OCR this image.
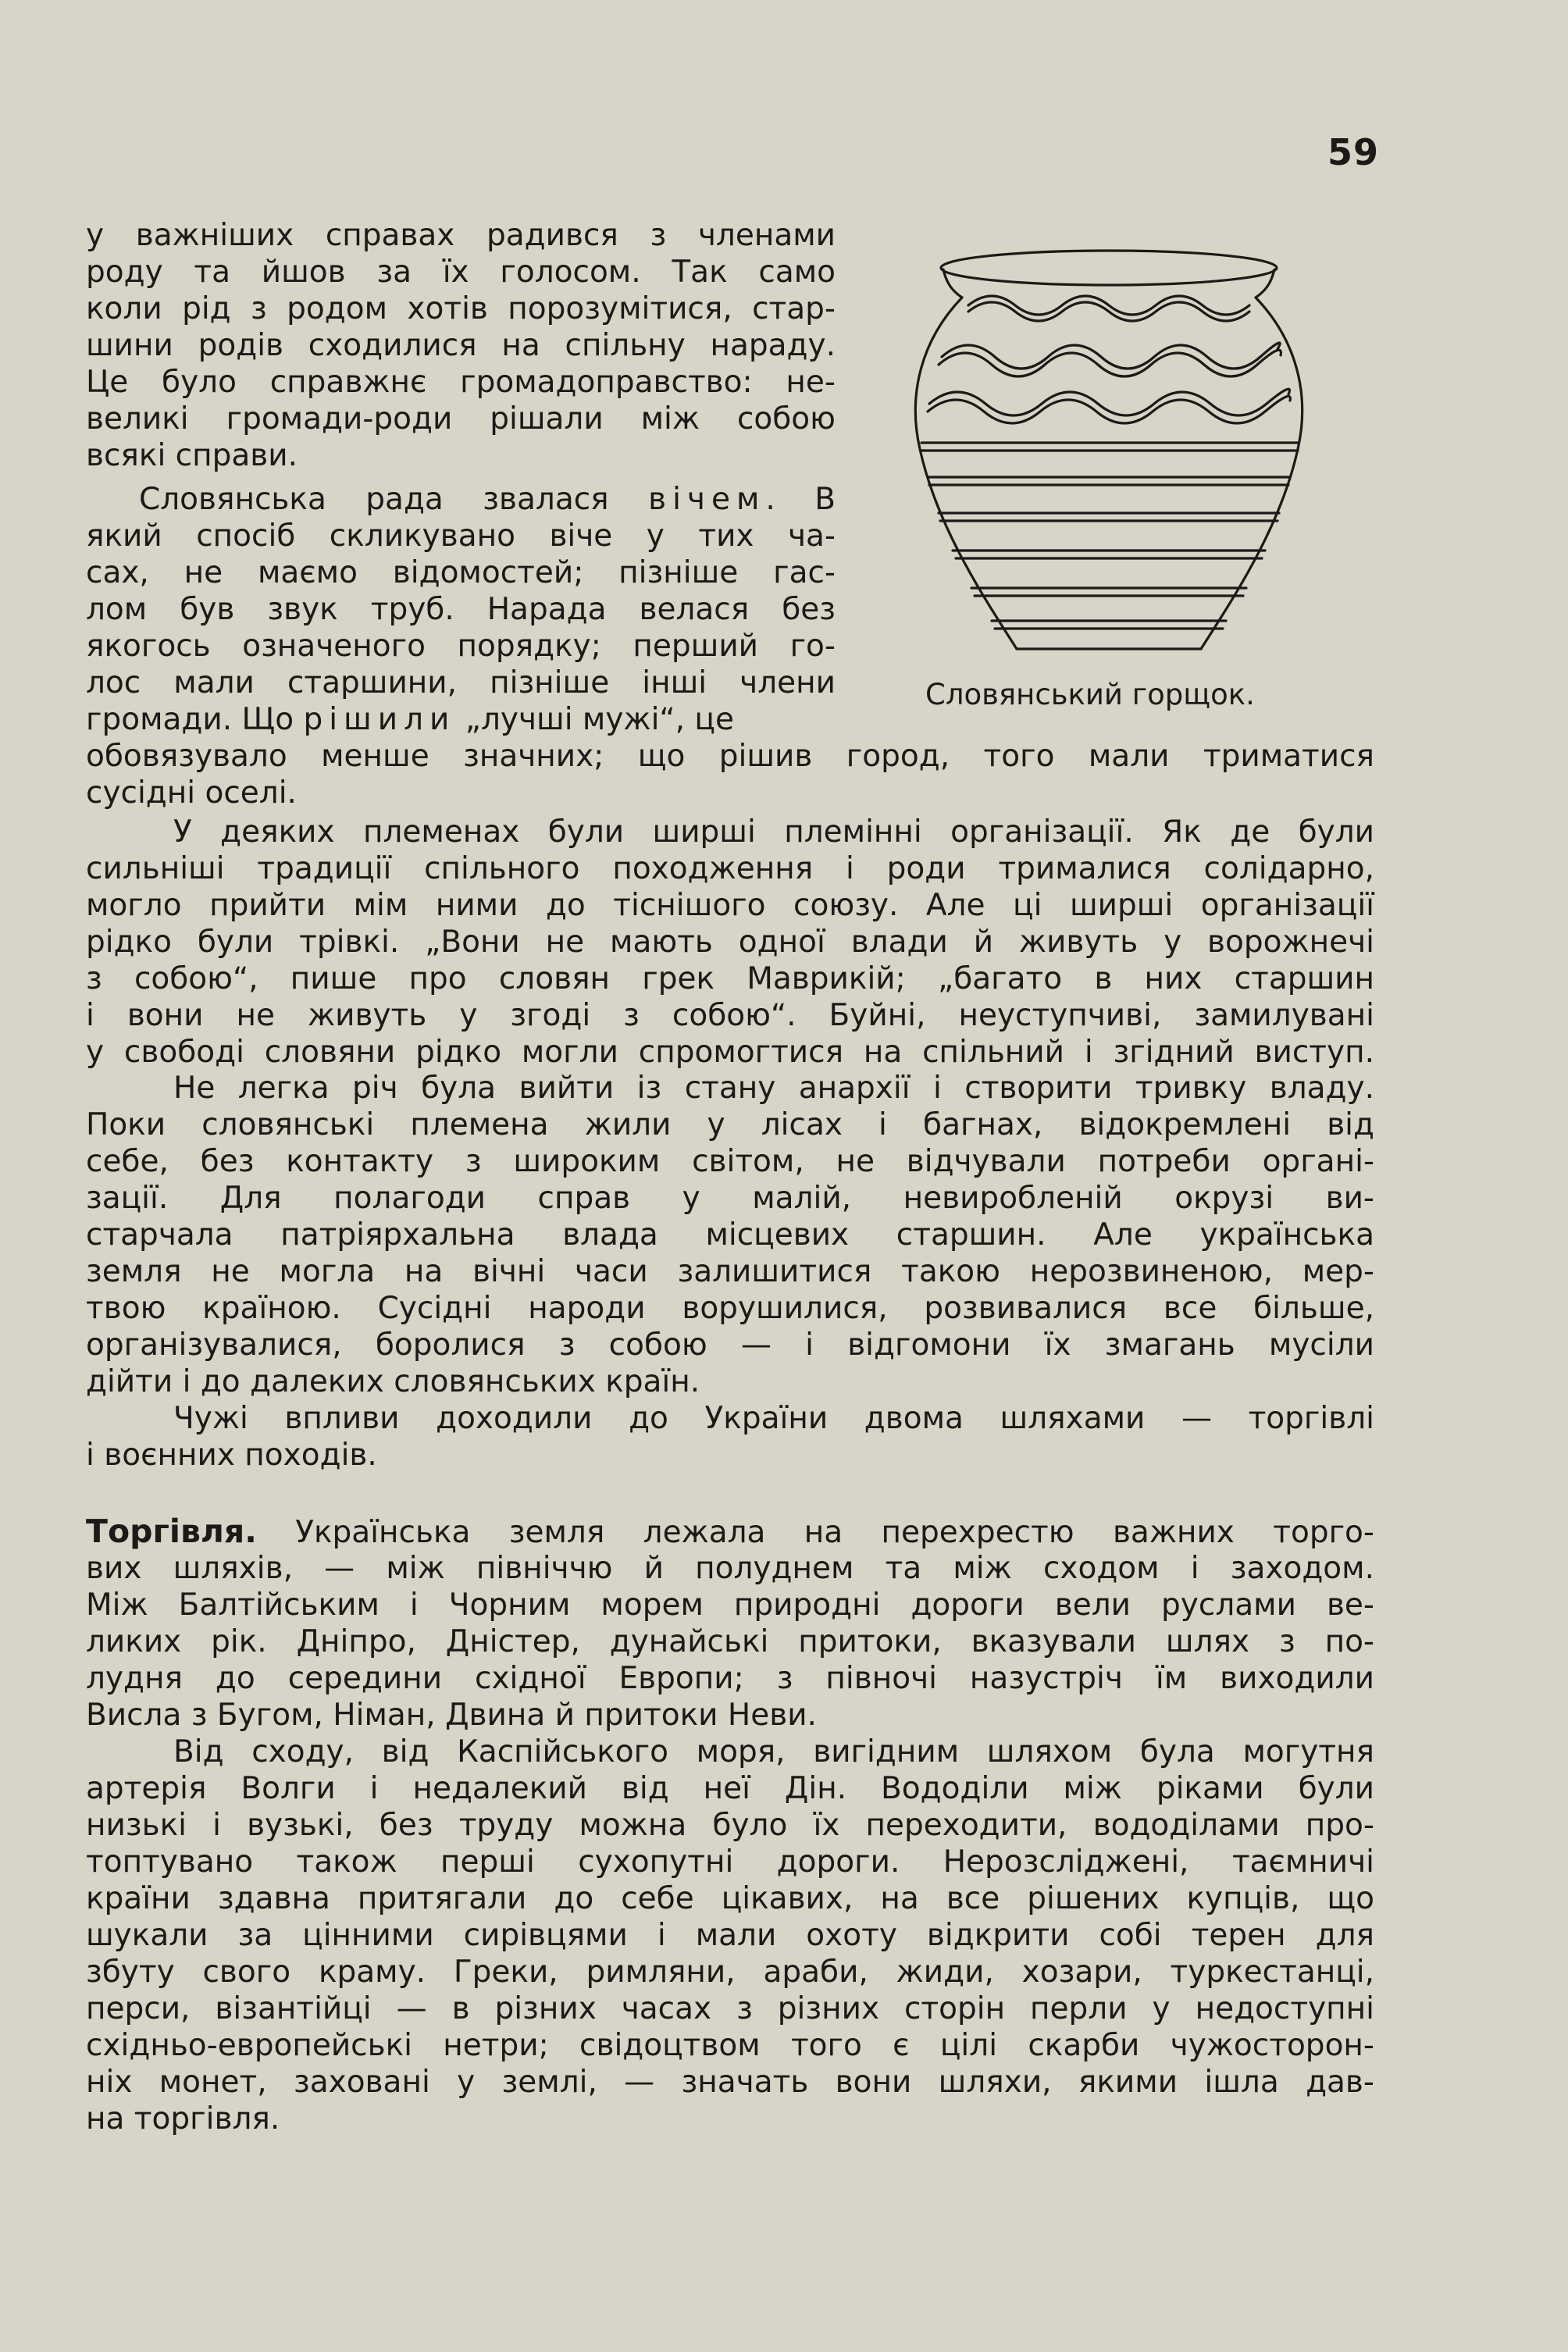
59
у важніших справах радився з членами
роду та йшов за їх голосом. Так само
коли рід з родом хотів порозумітися, стар-
шини родів сходилися на спільну нараду.
Це було справжнє громадоправство: не-
великі громади-роди рішали між собою
всякі справи.
Словянська рада звалася вічем. В
який спосіб скликувано віче у тих ча-
сах, не маємо відомостей; пізніше гас-
лом був звук труб. Нарада велася без
якогось означеного порядку; перший го-
лос мали старшини, пізніше інші члени
громади. Що рішили „лучші мужі“, це
обовязувало менше значних; що рішив город, того мали триматися
сусідні оселі.
Словянський горщок.
У деяких племенах були ширші племінні організації. Як де були
сильніші традиції спільного походження і роди трималися солідарно,
могло прийти мім ними до тіснішого союзу. Але ці ширші організації
рідко були трівкі. „Вони не мають одної влади й живуть у ворожнечі
з собою“, пише про словян грек Маврикій; „багато в них старшин
і вони не живуть у згоді з собою“. Буйні, неуступчиві, замилувані
у свободі словяни рідко могли спромогтися на спільний і згідний виступ.
Не легка річ була вийти із стану анархії і створити тривку владу.
Поки словянські племена жили у лісах і багнах, відокремлені від
себе, без контакту з широким світом, не відчували потреби органі-
зації. Для полагоди справ у малій, невиробленій окрузі ви-
старчала патріярхальна влада місцевих старшин. Але українська
земля не могла на вічні часи залишитися такою нерозвиненою, мер-
твою країною. Сусідні народи ворушилися, розвивалися все більше,
організувалися, боролися з собою — і відгомони їх змагань мусіли
дійти і до далеких словянських країн.
Чужі впливи доходили до України двома шляхами — торгівлі
і воєнних походів.
Торгівля. Українська земля лежала на перехрестю важних торго-
вих шляхів, — між північчю й полуднем та між сходом і заходом.
Між Балтійським і Чорним морем природні дороги вели руслами ве-
ликих рік. Дніпро, Дністер, дунайські притоки, вказували шлях з по-
лудня до середини східної Европи; з півночі назустріч їм виходили
Висла з Бугом, Німан, Двина й притоки Неви.
Від сходу, від Каспійського моря, вигідним шляхом була могутня
артерія Волги і недалекий від неї Дін. Вододіли між ріками були
низькі і вузькі, без труду можна було їх переходити, вододілами про-
топтувано також перші сухопутні дороги. Нерозсліджені, таємничі
країни здавна притягали до себе цікавих, на все рішених купців, що
шукали за цінними сирівцями і мали охоту відкрити собі терен для
збуту свого краму. Греки, римляни, араби, жиди, хозари, туркестанці,
перси, візантійці — в різних часах з різних сторін перли у недоступні
східньо-европейські нетри; свідоцтвом того є цілі скарби чужосторон-
ніх монет, заховані у землі, — значать вони шляхи, якими ішла дав-
на торгівля.
